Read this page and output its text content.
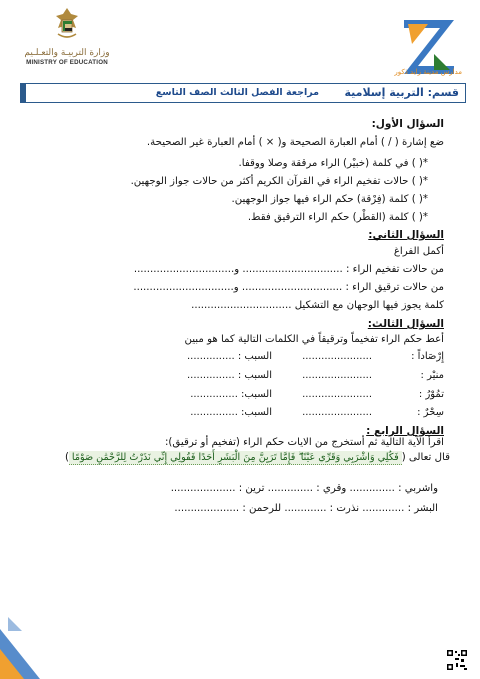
وزارة التربيـة والتعـلـيم
MINISTRY OF EDUCATION
مدارس مدينة زايد ذكور
قسم: التربية إسلامية
مراجعة الفصل الثالث الصف التاسع
السؤال الأول:
ضع إشارة ( / ) أمام العبارة الصحيحة و( × ) أمام العبارة غير الصحيحة.
*( ) في كلمة (خبيْر) الراء مرققة وصلا ووقفا.
*( ) حالات تفخيم الراء في القرآن الكريم أكثر من حالات جواز الوجهين.
*( ) كلمة (فِرْقة) حكم الراء فيها جواز الوجهين.
*( ) كلمة (القطْر) حكم الراء الترقيق فقط.
السؤال الثاني:
أكمل الفراغ
من حالات تفخيم الراء : ............................... و...............................
من حالات ترقيق الراء : ............................... و...............................
كلمة يجوز فيها الوجهان مع التشكيل ...............................
السؤال الثالث:
أعط حكم الراء تفخيماً وترقيقاً في الكلمات التالية كما هو مبين
إِرْصَاداً :
......................
السبب : ...............
منيْر :
......................
السبب : ...............
تمُوْرُ :
......................
السبب: ...............
سِحْرٌ :
......................
السبب: ...............
السؤال الرابع :
اقرأ الآية التالية ثم أستخرج من الايات حكم الراء (تفخيم أو ترقيق):
قال تعالى (فَكُلِي وَاشْرَبِي وَقَرِّي عَيْنًا ۖ فَإِمَّا تَرَيِنَّ مِنَ الْبَشَرِ أَحَدًا فَقُولِي إِنِّي نَذَرْتُ لِلرَّحْمَٰنِ صَوْمًا)
واشربي : .............. وقري : .............. ترين : ....................
البشر : ............. نذرت : ............. للرحمن : ....................
